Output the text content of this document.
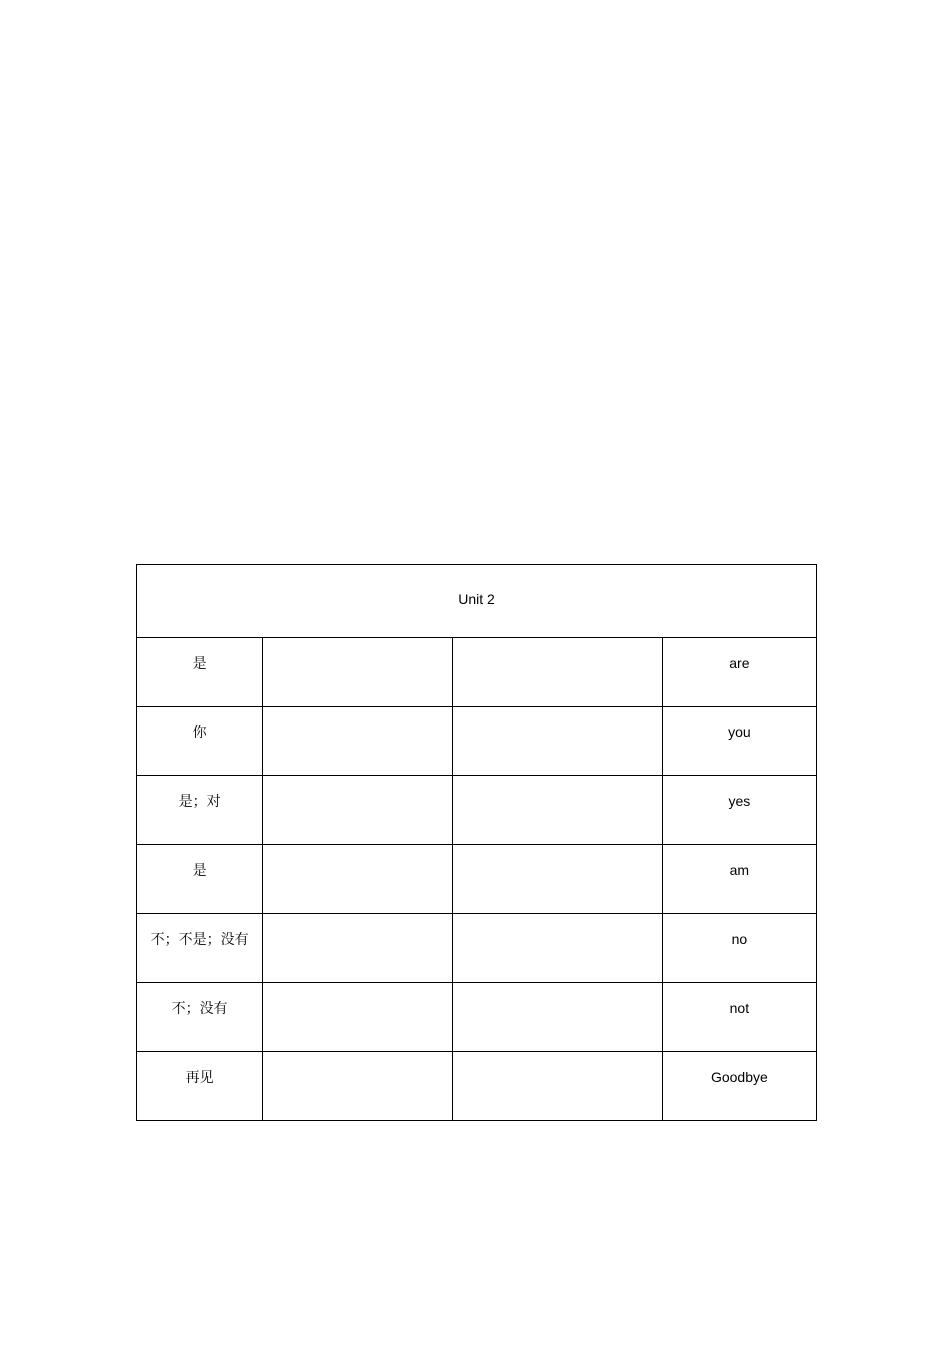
Unit 2			

是			are

你			you

是；对			yes

是			am

不；不是；没有			no

不；没有			not

再见			Goodbye
